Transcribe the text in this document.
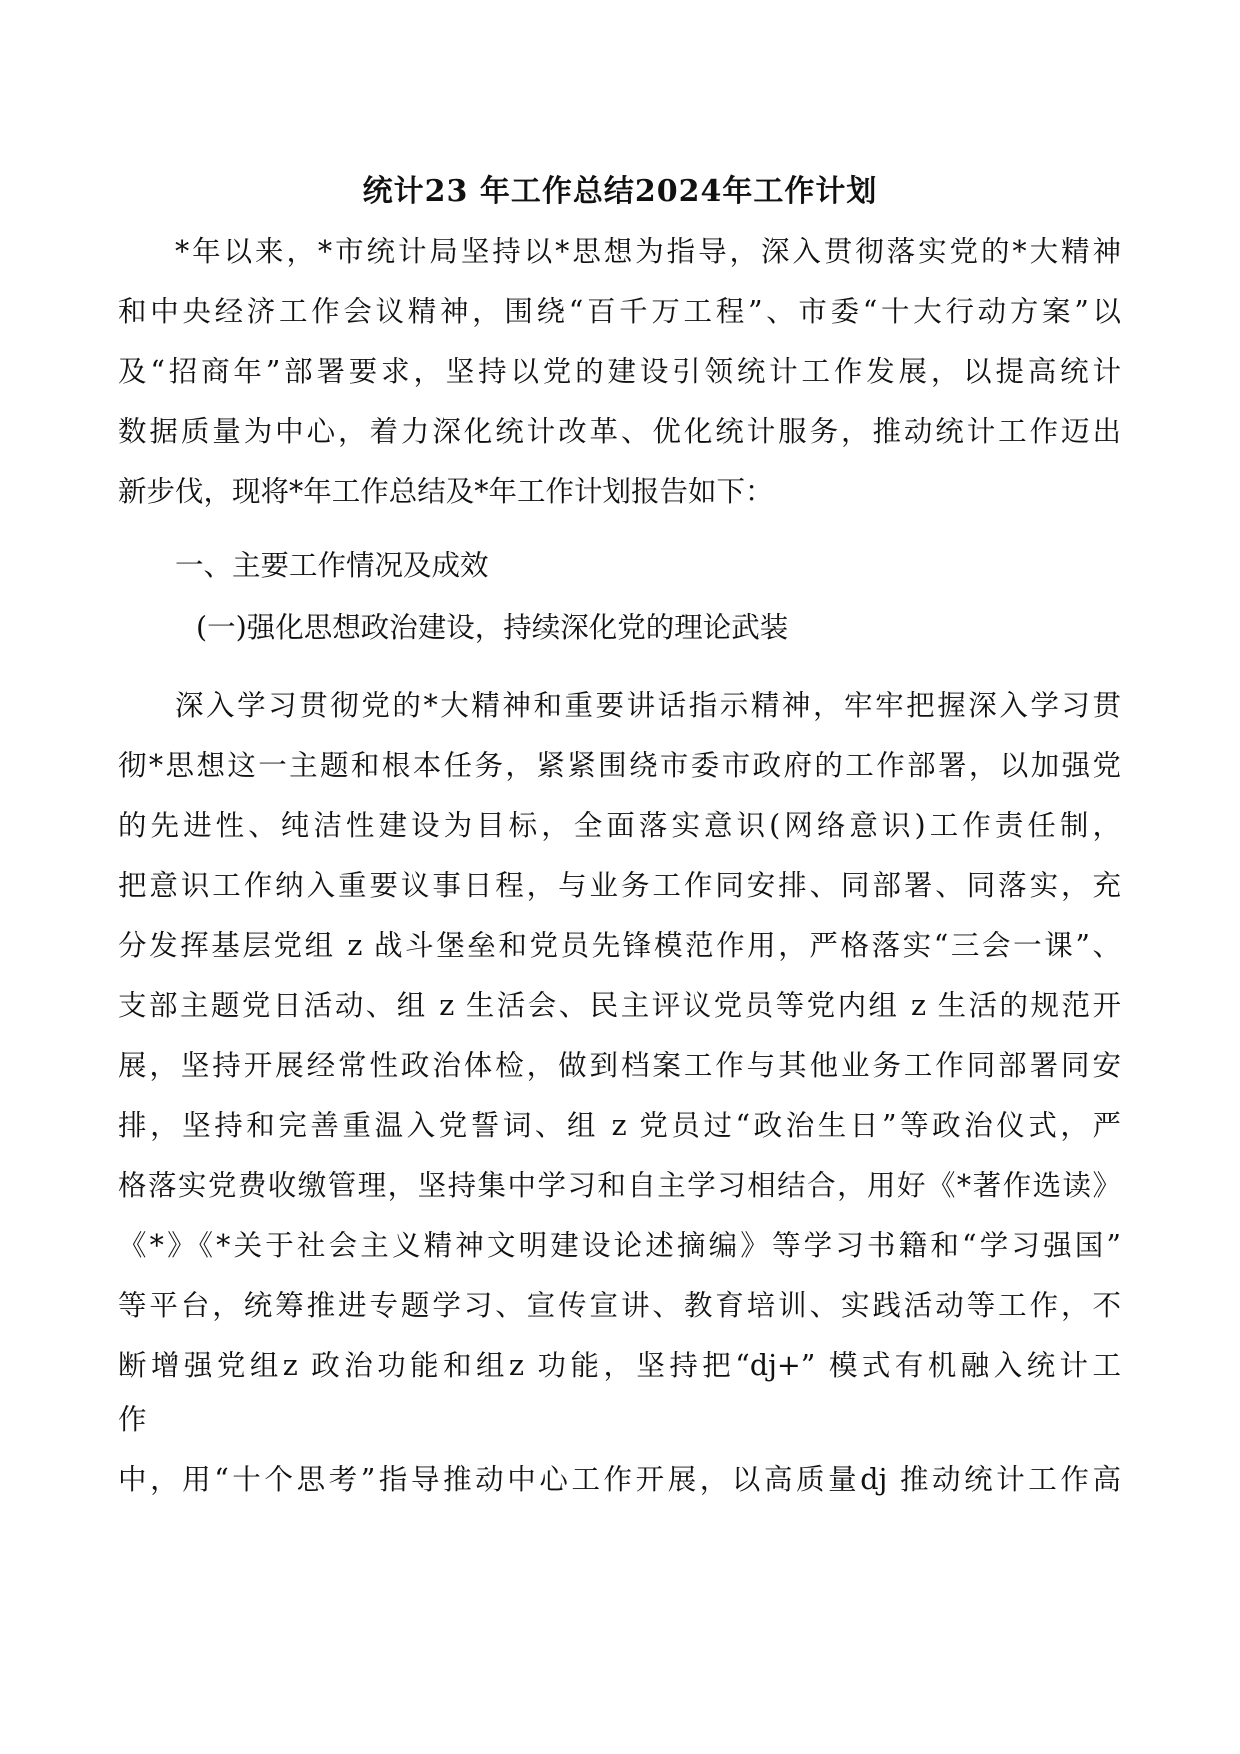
统计23 年工作总结2024年工作计划
*年以来，*市统计局坚持以*思想为指导，深入贯彻落实党的*大精神
和中央经济工作会议精神，围绕“百千万工程”、市委“十大行动方案”以
及“招商年”部署要求，坚持以党的建设引领统计工作发展，以提高统计
数据质量为中心，着力深化统计改革、优化统计服务，推动统计工作迈出
新步伐，现将*年工作总结及*年工作计划报告如下：
一、主要工作情况及成效
(一)强化思想政治建设，持续深化党的理论武装
深入学习贯彻党的*大精神和重要讲话指示精神，牢牢把握深入学习贯
彻*思想这一主题和根本任务，紧紧围绕市委市政府的工作部署，以加强党
的先进性、纯洁性建设为目标，全面落实意识(网络意识)工作责任制，
把意识工作纳入重要议事日程，与业务工作同安排、同部署、同落实，充
分发挥基层党组 z 战斗堡垒和党员先锋模范作用，严格落实“三会一课”、
支部主题党日活动、组 z 生活会、民主评议党员等党内组 z 生活的规范开
展，坚持开展经常性政治体检，做到档案工作与其他业务工作同部署同安
排，坚持和完善重温入党誓词、组 z 党员过“政治生日”等政治仪式，严
格落实党费收缴管理，坚持集中学习和自主学习相结合，用好《*著作选读》
《*》《*关于社会主义精神文明建设论述摘编》等学习书籍和“学习强国”
等平台，统筹推进专题学习、宣传宣讲、教育培训、实践活动等工作，不
断增强党组z 政治功能和组z 功能，坚持把“dj+” 模式有机融入统计工
作
中，用“十个思考”指导推动中心工作开展，以高质量dj 推动统计工作高
